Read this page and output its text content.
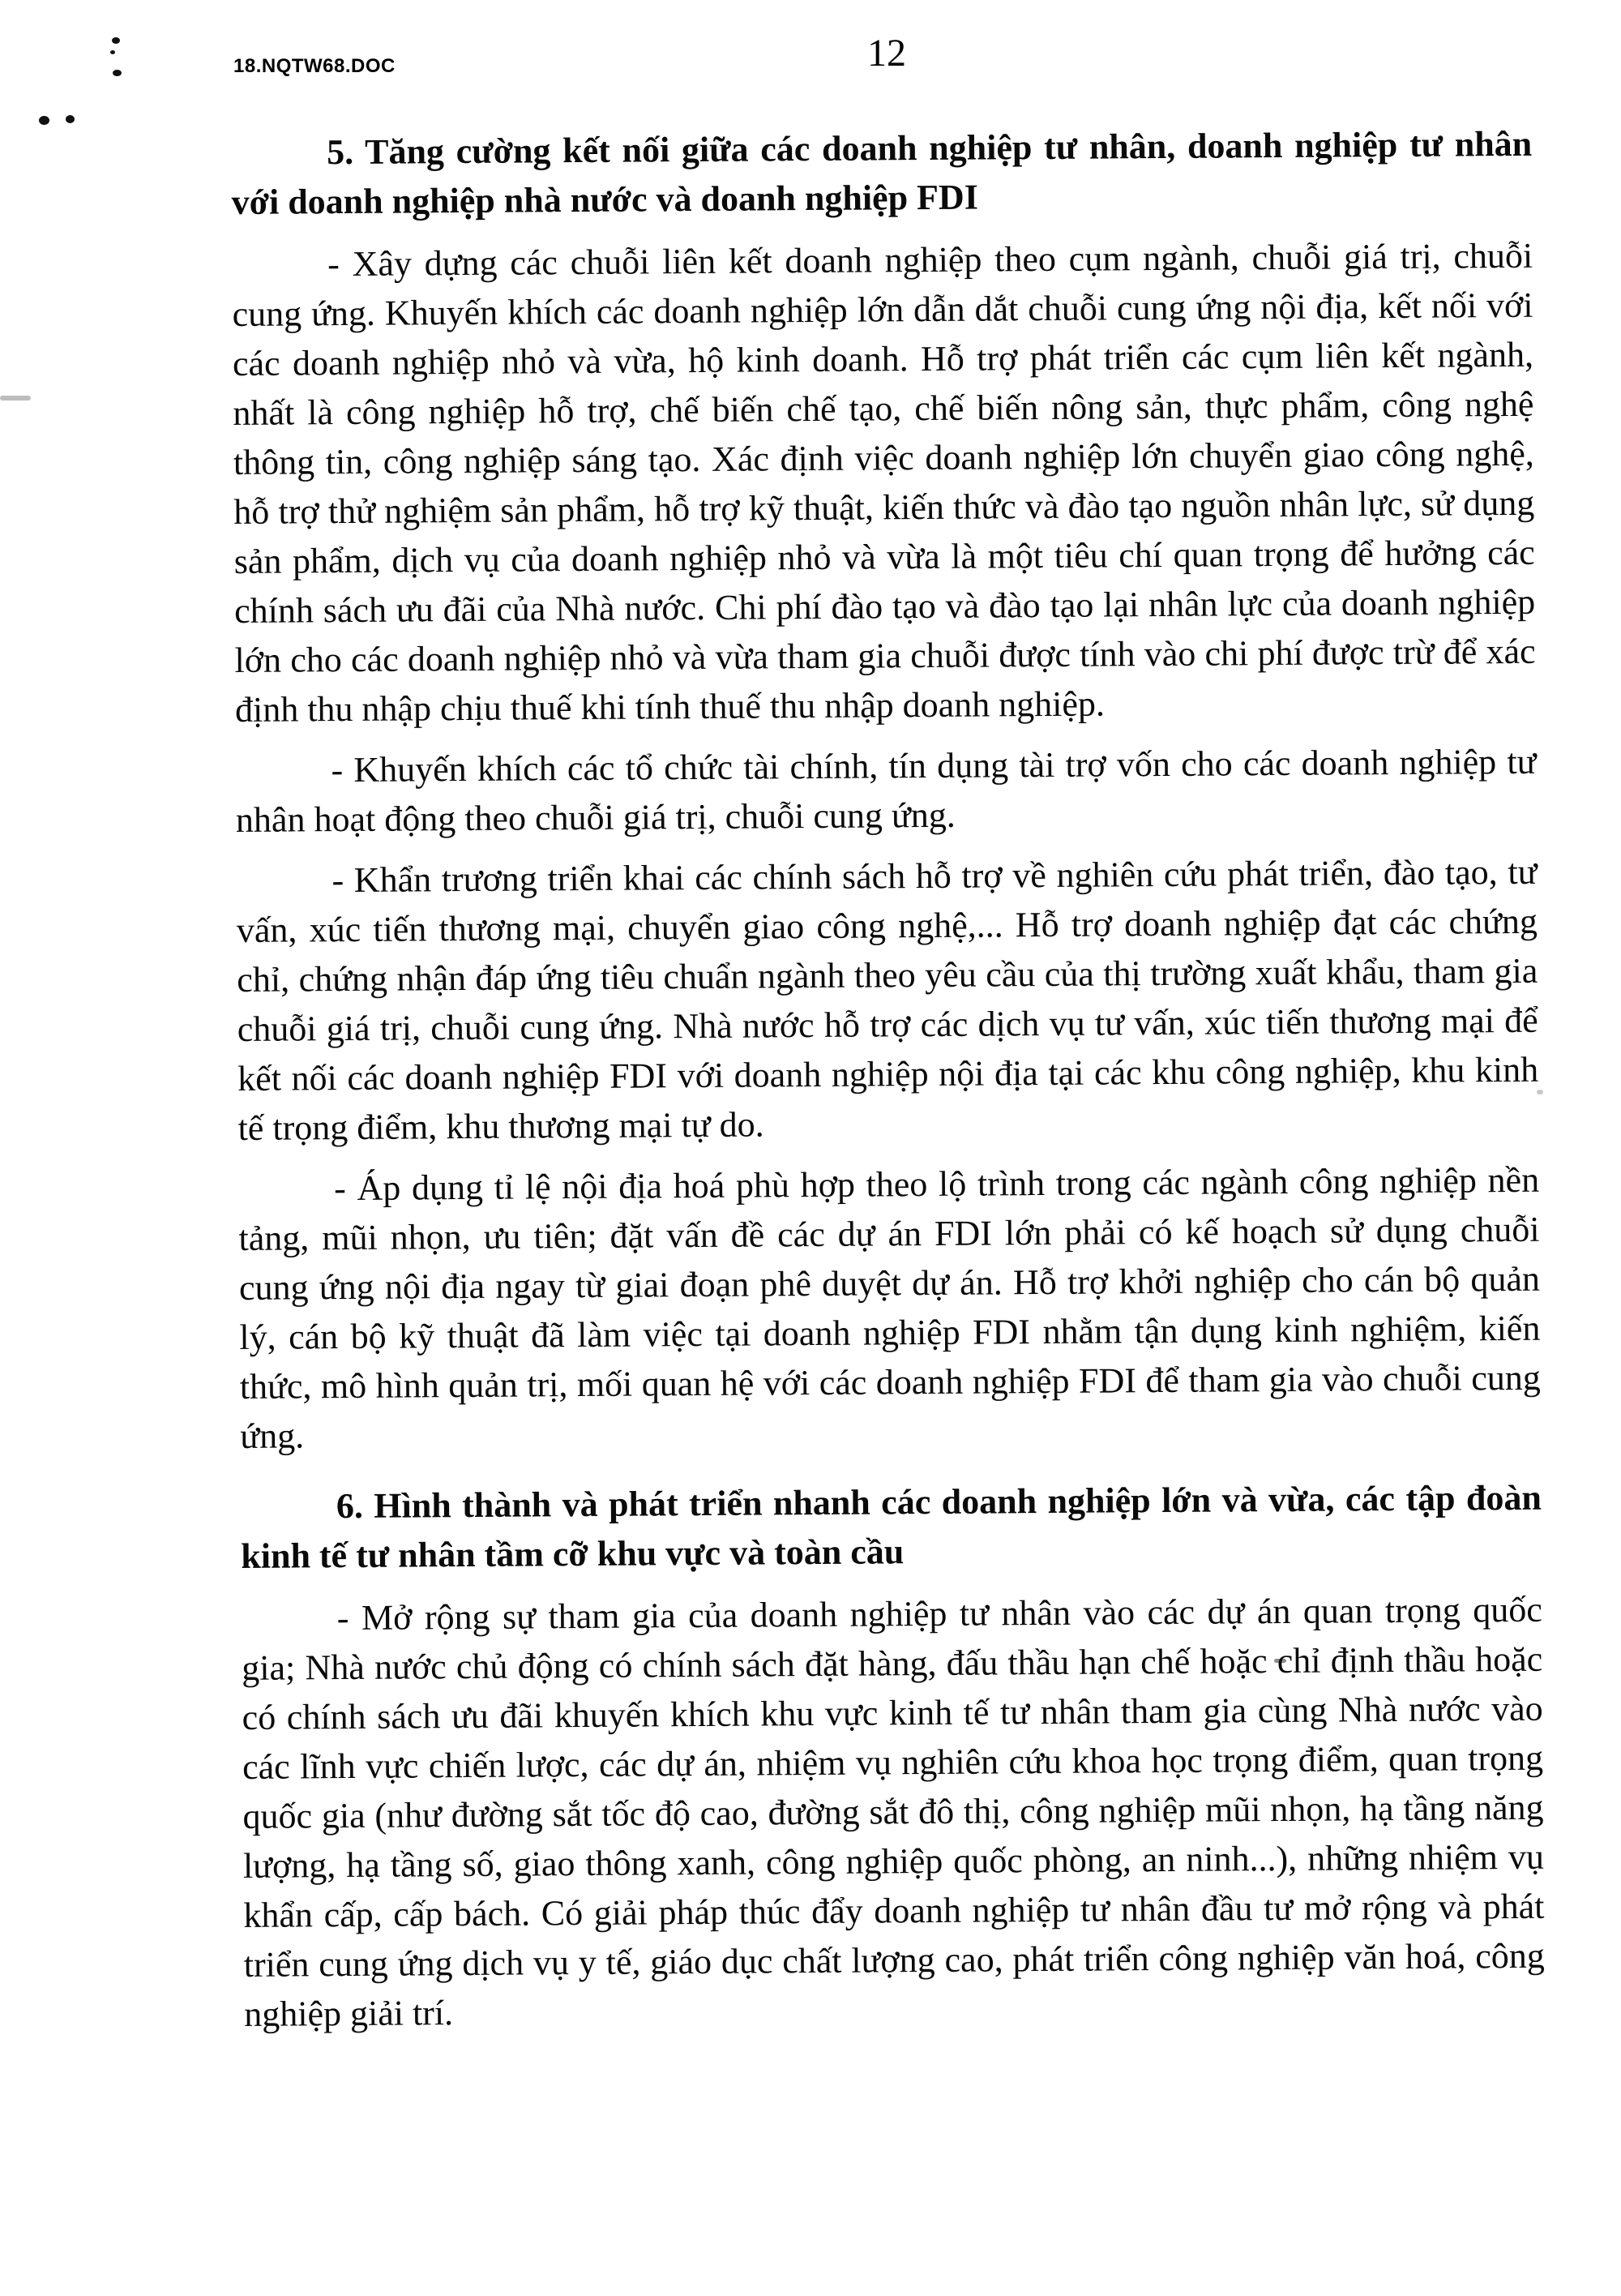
18.NQTW68.DOC	12
5. Tăng cường kết nối giữa các doanh nghiệp tư nhân, doanh nghiệp tư nhân với doanh nghiệp nhà nước và doanh nghiệp FDI

- Xây dựng các chuỗi liên kết doanh nghiệp theo cụm ngành, chuỗi giá trị, chuỗi cung ứng. Khuyến khích các doanh nghiệp lớn dẫn dắt chuỗi cung ứng nội địa, kết nối với các doanh nghiệp nhỏ và vừa, hộ kinh doanh. Hỗ trợ phát triển các cụm liên kết ngành, nhất là công nghiệp hỗ trợ, chế biến chế tạo, chế biến nông sản, thực phẩm, công nghệ thông tin, công nghiệp sáng tạo. Xác định việc doanh nghiệp lớn chuyển giao công nghệ, hỗ trợ thử nghiệm sản phẩm, hỗ trợ kỹ thuật, kiến thức và đào tạo nguồn nhân lực, sử dụng sản phẩm, dịch vụ của doanh nghiệp nhỏ và vừa là một tiêu chí quan trọng để hưởng các chính sách ưu đãi của Nhà nước. Chi phí đào tạo và đào tạo lại nhân lực của doanh nghiệp lớn cho các doanh nghiệp nhỏ và vừa tham gia chuỗi được tính vào chi phí được trừ để xác định thu nhập chịu thuế khi tính thuế thu nhập doanh nghiệp.

- Khuyến khích các tổ chức tài chính, tín dụng tài trợ vốn cho các doanh nghiệp tư nhân hoạt động theo chuỗi giá trị, chuỗi cung ứng.

- Khẩn trương triển khai các chính sách hỗ trợ về nghiên cứu phát triển, đào tạo, tư vấn, xúc tiến thương mại, chuyển giao công nghệ,... Hỗ trợ doanh nghiệp đạt các chứng chỉ, chứng nhận đáp ứng tiêu chuẩn ngành theo yêu cầu của thị trường xuất khẩu, tham gia chuỗi giá trị, chuỗi cung ứng. Nhà nước hỗ trợ các dịch vụ tư vấn, xúc tiến thương mại để kết nối các doanh nghiệp FDI với doanh nghiệp nội địa tại các khu công nghiệp, khu kinh tế trọng điểm, khu thương mại tự do.

- Áp dụng tỉ lệ nội địa hoá phù hợp theo lộ trình trong các ngành công nghiệp nền tảng, mũi nhọn, ưu tiên; đặt vấn đề các dự án FDI lớn phải có kế hoạch sử dụng chuỗi cung ứng nội địa ngay từ giai đoạn phê duyệt dự án. Hỗ trợ khởi nghiệp cho cán bộ quản lý, cán bộ kỹ thuật đã làm việc tại doanh nghiệp FDI nhằm tận dụng kinh nghiệm, kiến thức, mô hình quản trị, mối quan hệ với các doanh nghiệp FDI để tham gia vào chuỗi cung ứng.

6. Hình thành và phát triển nhanh các doanh nghiệp lớn và vừa, các tập đoàn kinh tế tư nhân tầm cỡ khu vực và toàn cầu

- Mở rộng sự tham gia của doanh nghiệp tư nhân vào các dự án quan trọng quốc gia; Nhà nước chủ động có chính sách đặt hàng, đấu thầu hạn chế hoặc chỉ định thầu hoặc có chính sách ưu đãi khuyến khích khu vực kinh tế tư nhân tham gia cùng Nhà nước vào các lĩnh vực chiến lược, các dự án, nhiệm vụ nghiên cứu khoa học trọng điểm, quan trọng quốc gia (như đường sắt tốc độ cao, đường sắt đô thị, công nghiệp mũi nhọn, hạ tầng năng lượng, hạ tầng số, giao thông xanh, công nghiệp quốc phòng, an ninh...), những nhiệm vụ khẩn cấp, cấp bách. Có giải pháp thúc đẩy doanh nghiệp tư nhân đầu tư mở rộng và phát triển cung ứng dịch vụ y tế, giáo dục chất lượng cao, phát triển công nghiệp văn hoá, công nghiệp giải trí.
